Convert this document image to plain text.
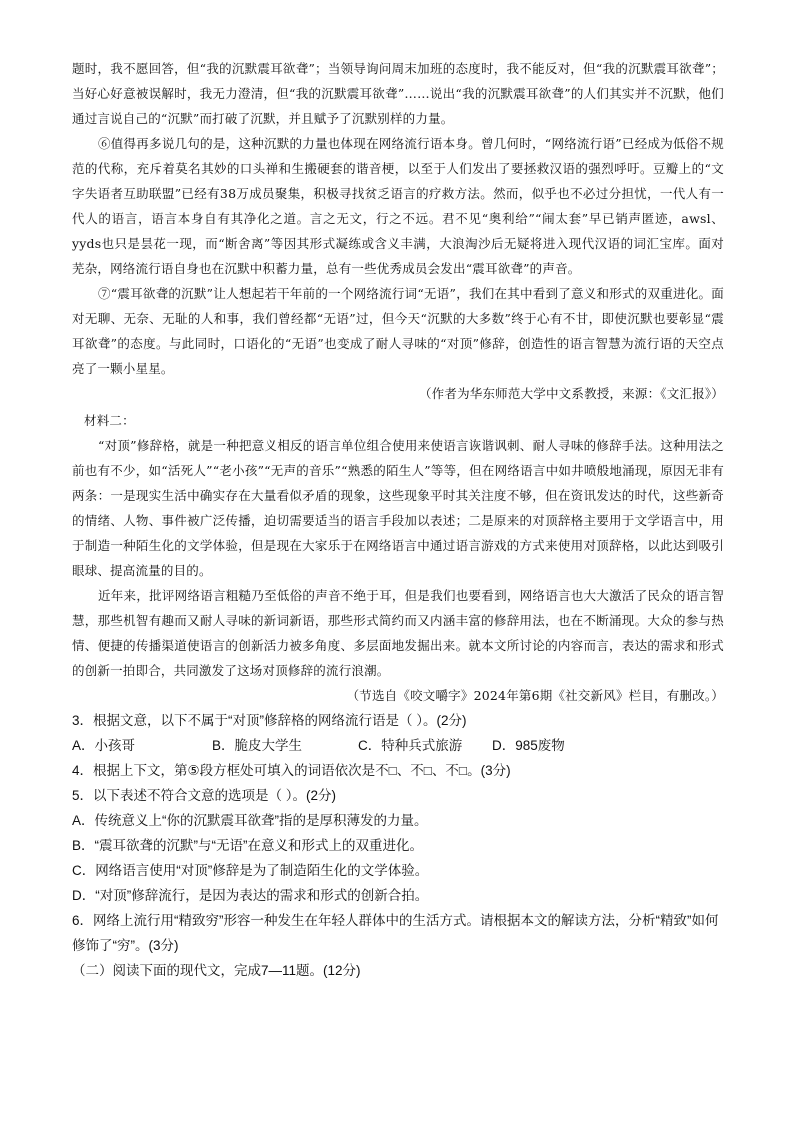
题时，我不愿回答，但“我的沉默震耳欲聋”；当领导询问周末加班的态度时，我不能反对，但“我的沉默震耳欲聋”；当好心好意被误解时，我无力澄清，但“我的沉默震耳欲聋”……说出“我的沉默震耳欲聋”的人们其实并不沉默，他们通过言说自己的“沉默”而打破了沉默，并且赋予了沉默别样的力量。

⑥值得再多说几句的是，这种沉默的力量也体现在网络流行语本身。曾几何时，“网络流行语”已经成为低俗不规范的代称，充斥着莫名其妙的口头禅和生搬硬套的谐音梗，以至于人们发出了要拯救汉语的强烈呼吁。豆瓣上的“文字失语者互助联盟”已经有38万成员聚集，积极寻找贫乏语言的疗救方法。然而，似乎也不必过分担忧，一代人有一代人的语言，语言本身自有其净化之道。言之无文，行之不远。君不见“奥利给”“闹太套”早已销声匿迹，awsl、yyds也只是昙花一现，而“断舍离”等因其形式凝练或含义丰满，大浪淘沙后无疑将进入现代汉语的词汇宝库。面对芜杂，网络流行语自身也在沉默中积蓄力量，总有一些优秀成员会发出“震耳欲聋”的声音。

⑦“震耳欲聋的沉默”让人想起若干年前的一个网络流行词“无语”，我们在其中看到了意义和形式的双重进化。面对无聊、无奈、无耻的人和事，我们曾经都“无语”过，但今天“沉默的大多数”终于心有不甘，即使沉默也要彰显“震耳欲聋”的态度。与此同时，口语化的“无语”也变成了耐人寻味的“对顶”修辞，创造性的语言智慧为流行语的天空点亮了一颗小星星。

（作者为华东师范大学中文系教授，来源：《文汇报》）

材料二：

“对顶”修辞格，就是一种把意义相反的语言单位组合使用来使语言诙谐讽刺、耐人寻味的修辞手法。这种用法之前也有不少，如“活死人”“老小孩”“无声的音乐”“熟悉的陌生人”等等，但在网络语言中如井喷般地涌现，原因无非有两条：一是现实生活中确实存在大量看似矛盾的现象，这些现象平时其关注度不够，但在资讯发达的时代，这些新奇的情绪、人物、事件被广泛传播，迫切需要适当的语言手段加以表述；二是原来的对顶辞格主要用于文学语言中，用于制造一种陌生化的文学体验，但是现在大家乐于在网络语言中通过语言游戏的方式来使用对顶辞格，以此达到吸引眼球、提高流量的目的。

近年来，批评网络语言粗糙乃至低俗的声音不绝于耳，但是我们也要看到，网络语言也大大激活了民众的语言智慧，那些机智有趣而又耐人寻味的新词新语，那些形式简约而又内涵丰富的修辞用法，也在不断涌现。大众的参与热情、便捷的传播渠道使语言的创新活力被多角度、多层面地发掘出来。就本文所讨论的内容而言，表达的需求和形式的创新一拍即合，共同激发了这场对顶修辞的流行浪潮。

（节选自《咬文嚼字》2024年第6期《社交新风》栏目，有删改。）

3．根据文意，以下不属于“对顶”修辞格的网络流行语是（ ）。(2分)

A．小孩哥	B．脆皮大学生	C．特种兵式旅游	D．985废物

4．根据上下文，第⑤段方框处可填入的词语依次是不□、不□、不□。(3分)

5．以下表述不符合文意的选项是（ ）。(2分)

A．传统意义上“你的沉默震耳欲聋”指的是厚积薄发的力量。

B．“震耳欲聋的沉默”与“无语”在意义和形式上的双重进化。

C．网络语言使用“对顶”修辞是为了制造陌生化的文学体验。

D．“对顶”修辞流行，是因为表达的需求和形式的创新合拍。

6．网络上流行用“精致穷”形容一种发生在年轻人群体中的生活方式。请根据本文的解读方法，分析“精致”如何修饰了“穷”。(3分)

（二）阅读下面的现代文，完成7—11题。(12分)
